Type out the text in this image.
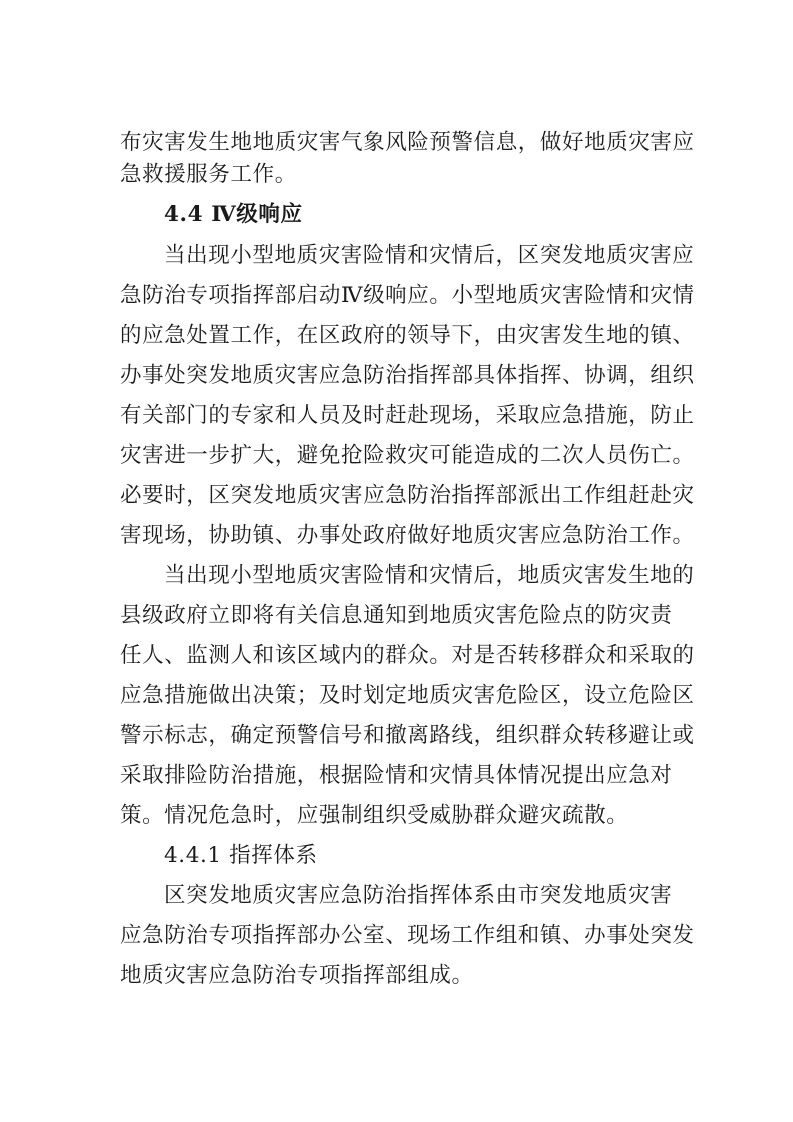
布灾害发生地地质灾害气象风险预警信息，做好地质灾害应
急救援服务工作。
4.4 Ⅳ级响应
当出现小型地质灾害险情和灾情后，区突发地质灾害应
急防治专项指挥部启动Ⅳ级响应。小型地质灾害险情和灾情
的应急处置工作，在区政府的领导下，由灾害发生地的镇、
办事处突发地质灾害应急防治指挥部具体指挥、协调，组织
有关部门的专家和人员及时赶赴现场，采取应急措施，防止
灾害进一步扩大，避免抢险救灾可能造成的二次人员伤亡。
必要时，区突发地质灾害应急防治指挥部派出工作组赶赴灾
害现场，协助镇、办事处政府做好地质灾害应急防治工作。
当出现小型地质灾害险情和灾情后，地质灾害发生地的
县级政府立即将有关信息通知到地质灾害危险点的防灾责
任人、监测人和该区域内的群众。对是否转移群众和采取的
应急措施做出决策；及时划定地质灾害危险区，设立危险区
警示标志，确定预警信号和撤离路线，组织群众转移避让或
采取排险防治措施，根据险情和灾情具体情况提出应急对
策。情况危急时，应强制组织受威胁群众避灾疏散。
4.4.1 指挥体系
区突发地质灾害应急防治指挥体系由市突发地质灾害
应急防治专项指挥部办公室、现场工作组和镇、办事处突发
地质灾害应急防治专项指挥部组成。
